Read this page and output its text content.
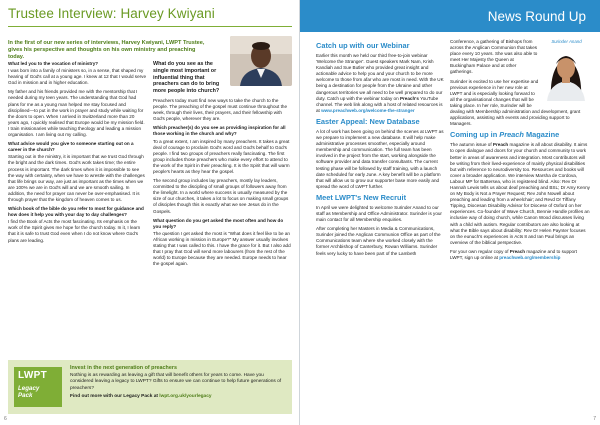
Trustee Interview: Harvey Kwiyani
In the first of our new series of interviews, Harvey Kwiyani, LWPT Trustee, gives his perspective and thoughts on his own ministry and preaching today.

What led you to the vocation of ministry?

I was born into a family of ministers so, in a sense, that shaped my hearing of God's call at a young age. I knew at 12 that I would serve God in mission and in higher education.

My father and his friends provided me with the mentorship that I needed during my teen years. The understanding that God had plans for me as a young man helped me stay focused and disciplined—to put in the work in prayer and study while waiting for the doors to open. When I arrived in Switzerland more than 20 years ago, I quickly realised that Europe would be my mission field. I train missionaries while teaching theology and leading a mission organisation. I am living out my calling.

What advice would you give to someone starting out on a career in the church?

Starting out in the ministry, it is important that we trust God through the bright and the dark times. God's work takes time; the entire process is important. The dark times when it is impossible to see the way with certainty, when we have to wrestle with the challenges that life brings our way, are just as important as the times when we are 100% we are in God's will and we are smooth sailing. In addition, the need for prayer can never be over-emphasised. It is through prayer that the kingdom of heaven comes to us.

Which book of the bible do you refer to most for guidance and how does it help you with your day to day challenges?

I find the Book of Acts the most fascinating. Its emphasis on the work of the Spirit gives me hope for the church today. In it, I learn that it is safe to trust God even when I do not know where God's plans are leading.

What do you see as the single most important or influential thing that preachers can do to bring more people into church?

Preachers today must find new ways to take the church to the people. The preaching of the gospel must continue throughout the week, through their lives, their prayers, and their fellowship with God's people, wherever they are.

Which preacher(s) do you see as providing inspiration for all those working in the church and why?

To a great extent, I am inspired by many preachers. It takes a great deal of courage to proclaim God's word and God's behalf to God's people. I find two groups of preachers really fascinating. The first group includes those preachers who make every effort to attend to the work of the Spirit in their preaching. It is the Spirit that will warm people's hearts as they hear the gospel.

The second group includes lay preachers, mostly lay leaders, committed to the discipling of small groups of followers away from the limelight. In a world where success is usually measured by the size of our churches, it takes a lot to focus on making small groups of disciples though this is exactly what we see Jesus do in the Gospels.

What question do you get asked the most often and how do you reply?

The question I get asked the most is "What does it feel like to be an African working in mission in Europe?" My answer usually involves stating that I was called to this. I have the grace for it. But I also add that I pray that God will send more labourers (from the rest of the world) to Europe because they are needed. Europe needs to hear the gospel again.

LWPT
Legacy
Pack
Invest in the next generation of preachers
Nothing is as rewarding as leaving a gift that will benefit others for years to come. Have you considered leaving a legacy to LWPT? Gifts to ensure we can continue to help future generations of preachers?
Find out more with our Legacy Pack at lwpt.org.uk/yourlegacy
6
News Round Up
Catch up with our Webinar

Earlier this month we held our third free-to-join webinar 'Welcome the Stranger'. Guest speakers Mark Nam, Krish Kandiah and Sue Butler who provided great insight and actionable advice to help you and your church to be more welcome to those from afar who are most in need. With the UK being a destination for people from the Ukraine and other dangerous territories we all need to be well prepared to do our duty. Catch up with the webinar today on Preach's YouTube channel. The web link along with a host of related resources is at www.preachweb.org/welcome-the-stranger

Easter Appeal: New Database

A lot of work has been going on behind the scenes at LWPT as we prepare to implement a new database. It will help make administrative processes smoother, especially around membership and communication. The full team has been involved in the project from the start, working alongside the software provider and data transfer consultants. The current testing phase will be followed by staff training, with a launch date scheduled for early June. A key benefit will be a platform that will allow us to grow our supporter base more easily and spread the word of LWPT further.

Meet LWPT's New Recruit

In April we were delighted to welcome Surinder Anand to our staff as Membership and Office Administrator. Surinder is your main contact for all Membership enquiries.

After completing her Masters in Media & Communications, Surinder joined the Anglican Communion Office as part of the Communications team where she worked closely with the former Archbishop of Canterbury, Rowan Williams. Surinder feels very lucky to have been part of the Lambeth

Surinder Anand

Conference, a gathering of Bishops from across the Anglican Communion that takes place every 10 years. She was also able to meet Her Majesty the Queen at Buckingham Palace and at other gatherings.

Surinder is excited to use her expertise and previous experience in her new role at LWPT and is especially looking forward to all the organisational changes that will be taking place. In her role, Surinder will be dealing with Membership administration and development, grant applications, assisting with events and providing support to Managers.

Coming up in Preach Magazine

The autumn issue of Preach magazine is all about disability. It aims to open dialogue and doors for your church and community to work better in areas of awareness and integration. Most contributors will be writing from their lived-experience of mainly physical disabilities but with reference to neurodiversity too. Resources and books will cover a broader application. We interview Marsha de Cordova, Labour MP for Battersea, who is registered blind. Also: Rev Dr Hannah Lewis tells us about deaf preaching and BSL; Dr Amy Kenny on My Body is Not a Prayer Request; Rev John Nowell about preaching and leading from a wheelchair; and Revd Dr Tiffany Tipping, Diocesan Disability Advisor for Diocese of Oxford on her experiences. Co-founder of Wave Church, Bennie Handle profiles an inclusive way of doing church, while Canon Wood discusses living with a child with autism. Regular contributors are also looking at what the Bible says about disability: Rev Dr Helen Paynter focuses on the eunuch's experiences in Acts 8 and Ian Paul brings an overview of the biblical perspective.

For your own regular copy of Preach magazine and to support LWPT, sign up online at preachweb.org/membership

7
